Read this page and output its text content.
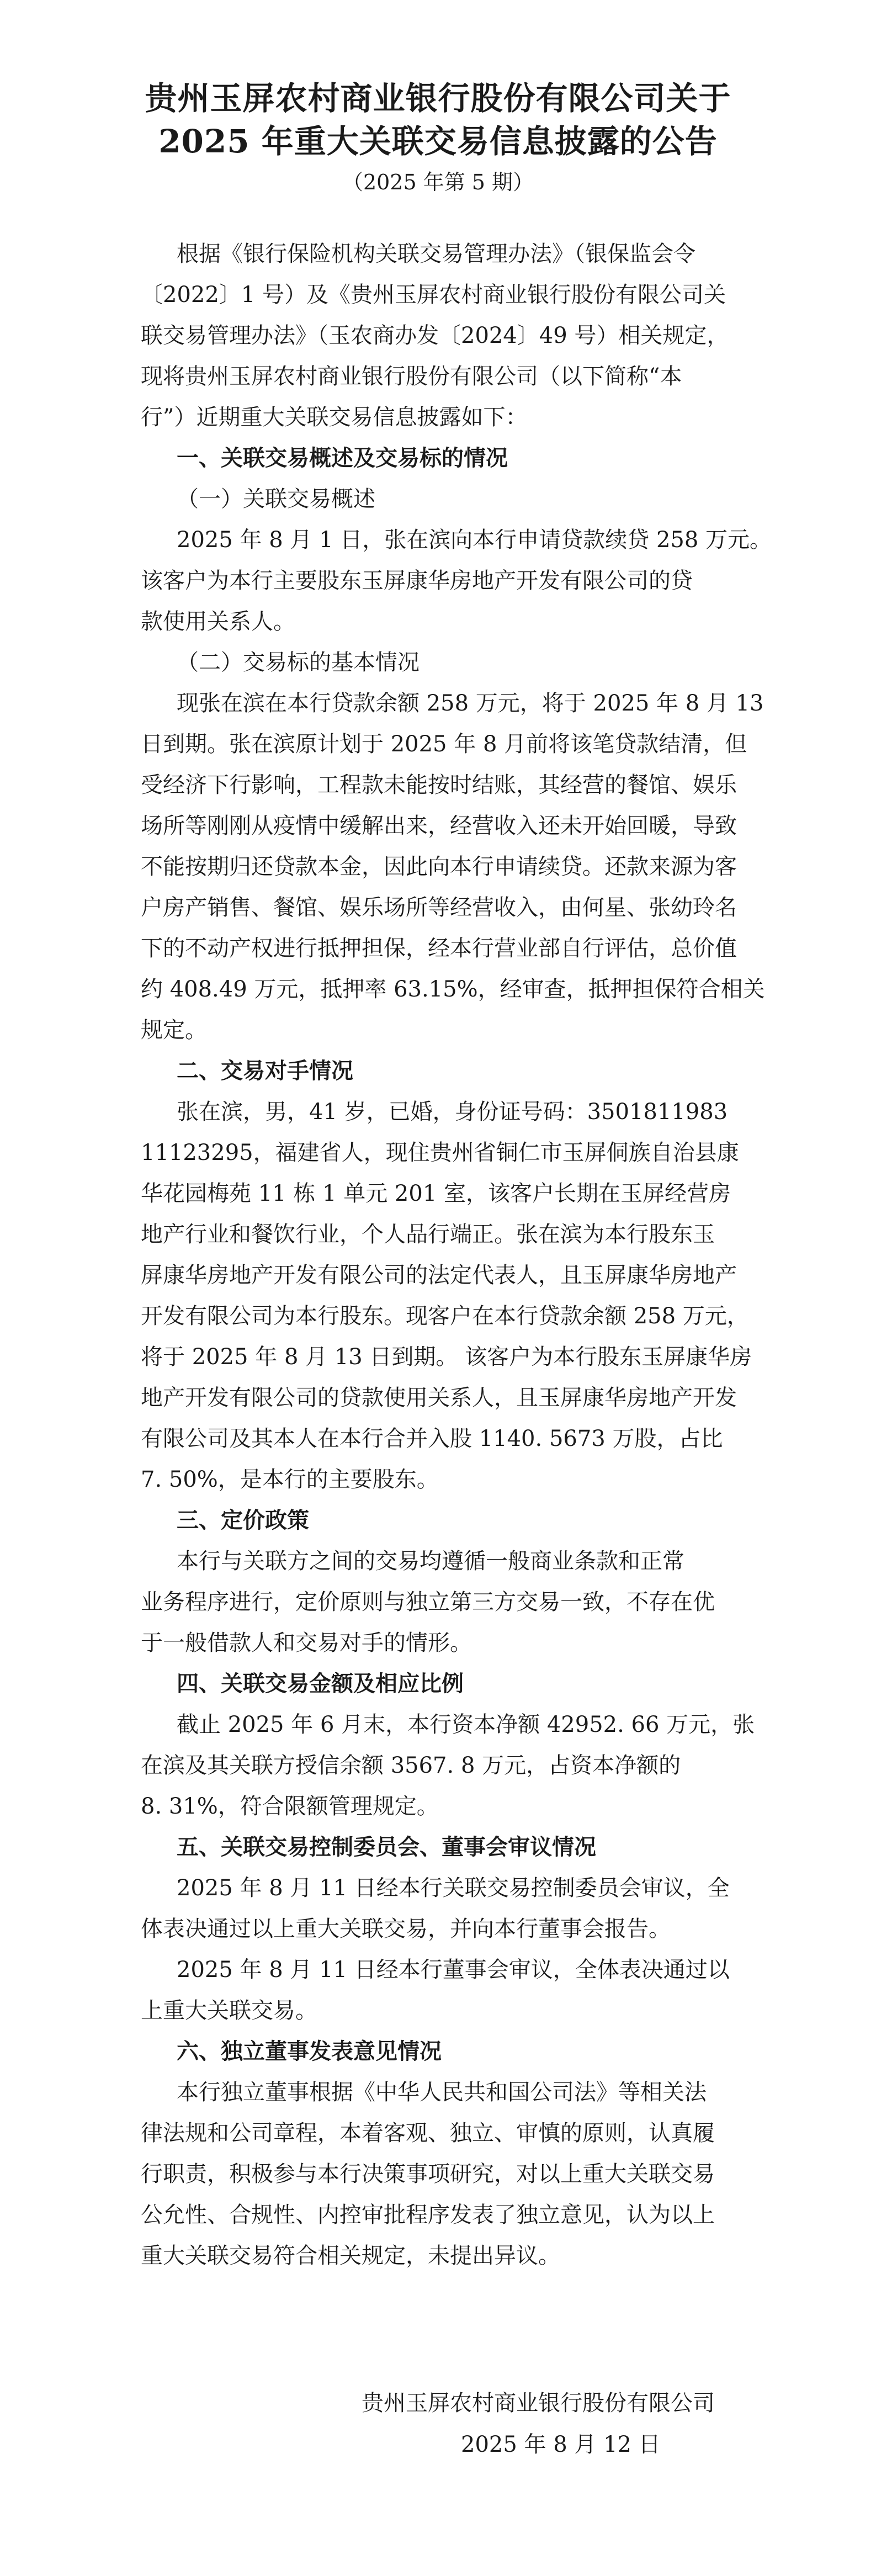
贵州玉屏农村商业银行股份有限公司关于
2025 年重大关联交易信息披露的公告
（2025 年第 5 期）
根据《银行保险机构关联交易管理办法》（银保监会令
〔2022〕1 号）及《贵州玉屏农村商业银行股份有限公司关
联交易管理办法》（玉农商办发〔2024〕49 号）相关规定，
现将贵州玉屏农村商业银行股份有限公司（以下简称“本
行”）近期重大关联交易信息披露如下：
一、关联交易概述及交易标的情况
（一）关联交易概述
2025 年 8 月 1 日，张在滨向本行申请贷款续贷 258 万元。
该客户为本行主要股东玉屏康华房地产开发有限公司的贷
款使用关系人。
（二）交易标的基本情况
现张在滨在本行贷款余额 258 万元，将于 2025 年 8 月 13
日到期。张在滨原计划于 2025 年 8 月前将该笔贷款结清，但
受经济下行影响，工程款未能按时结账，其经营的餐馆、娱乐
场所等刚刚从疫情中缓解出来，经营收入还未开始回暖，导致
不能按期归还贷款本金，因此向本行申请续贷。还款来源为客
户房产销售、餐馆、娱乐场所等经营收入，由何星、张幼玲名
下的不动产权进行抵押担保，经本行营业部自行评估，总价值
约 408.49 万元，抵押率 63.15%，经审查，抵押担保符合相关
规定。
二、交易对手情况
张在滨，男，41 岁，已婚，身份证号码：3501811983
11123295，福建省人，现住贵州省铜仁市玉屏侗族自治县康
华花园梅苑 11 栋 1 单元 201 室，该客户长期在玉屏经营房
地产行业和餐饮行业，个人品行端正。张在滨为本行股东玉
屏康华房地产开发有限公司的法定代表人，且玉屏康华房地产
开发有限公司为本行股东。现客户在本行贷款余额 258 万元，
将于 2025 年 8 月 13 日到期。 该客户为本行股东玉屏康华房
地产开发有限公司的贷款使用关系人，且玉屏康华房地产开发
有限公司及其本人在本行合并入股 1140. 5673 万股，占比
7. 50%，是本行的主要股东。
三、定价政策
本行与关联方之间的交易均遵循一般商业条款和正常
业务程序进行，定价原则与独立第三方交易一致，不存在优
于一般借款人和交易对手的情形。
四、关联交易金额及相应比例
截止 2025 年 6 月末，本行资本净额 42952. 66 万元，张
在滨及其关联方授信余额 3567. 8 万元，占资本净额的
8. 31%，符合限额管理规定。
五、关联交易控制委员会、董事会审议情况
2025 年 8 月 11 日经本行关联交易控制委员会审议，全
体表决通过以上重大关联交易，并向本行董事会报告。
2025 年 8 月 11 日经本行董事会审议，全体表决通过以
上重大关联交易。
六、独立董事发表意见情况
本行独立董事根据《中华人民共和国公司法》等相关法
律法规和公司章程，本着客观、独立、审慎的原则，认真履
行职责，积极参与本行决策事项研究，对以上重大关联交易
公允性、合规性、内控审批程序发表了独立意见，认为以上
重大关联交易符合相关规定，未提出异议。
贵州玉屏农村商业银行股份有限公司
2025 年 8 月 12 日
